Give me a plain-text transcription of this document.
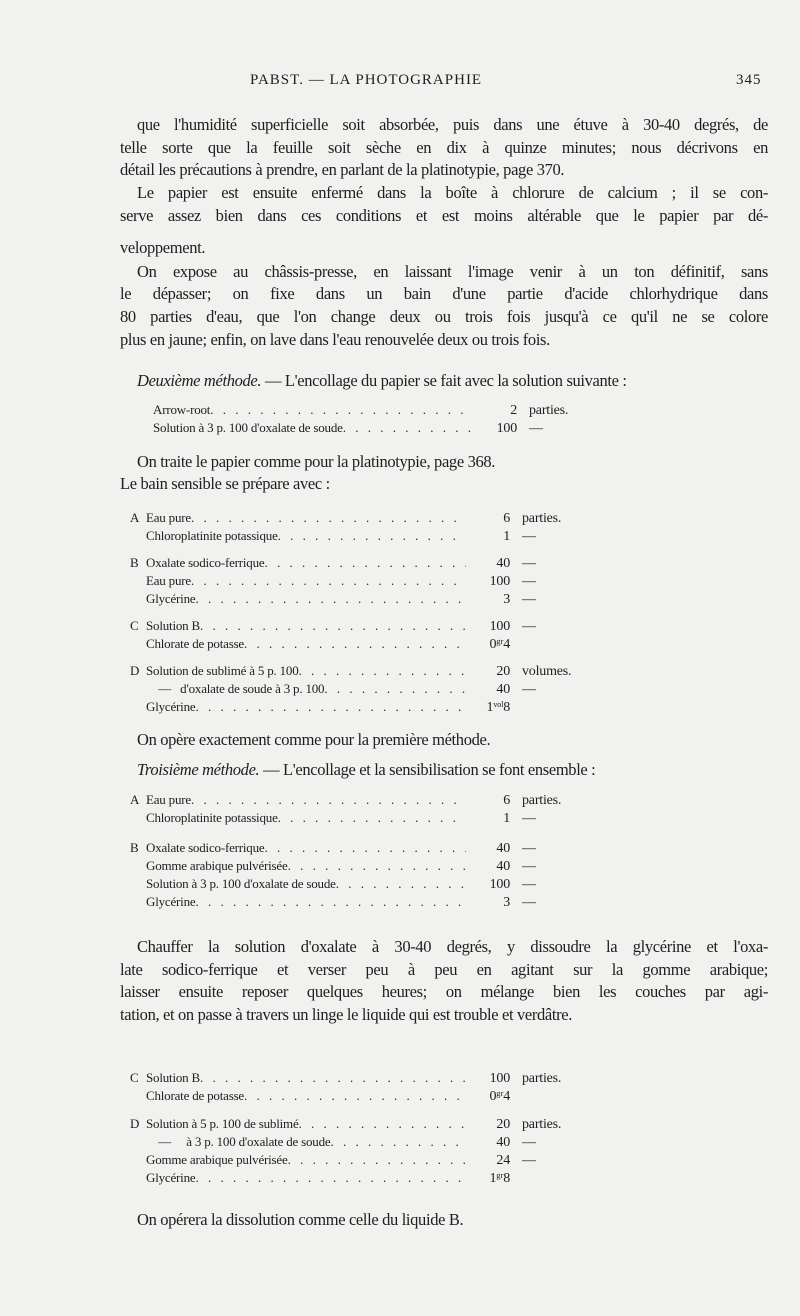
PABST. — LA PHOTOGRAPHIE	345
que l'humidité superficielle soit absorbée, puis dans une étuve à 30-40 degrés, de
telle sorte que la feuille soit sèche en dix à quinze minutes; nous décrivons en
détail les précautions à prendre, en parlant de la platinotypie, page 370.
Le papier est ensuite enfermé dans la boîte à chlorure de calcium ; il se con-
serve assez bien dans ces conditions et est moins altérable que le papier par dé-
veloppement.
On expose au châssis-presse, en laissant l'image venir à un ton définitif, sans
le dépasser; on fixe dans un bain d'une partie d'acide chlorhydrique dans
80 parties d'eau, que l'on change deux ou trois fois jusqu'à ce qu'il ne se colore
plus en jaune; enfin, on lave dans l'eau renouvelée deux ou trois fois.
Deuxième méthode. — L'encollage du papier se fait avec la solution suivante :
Arrow-root . . .	2 parties.
Solution à 3 p. 100 d'oxalate de soude . . .	100 —
On traite le papier comme pour la platinotypie, page 368.
Le bain sensible se prépare avec :
A Eau pure . . .	6 parties.
Chloroplatinite potassique . . .	1 —
B Oxalate sodico-ferrique . . .	40 —
Eau pure . . .	100 —
Glycérine . . .	3 —
C Solution B . . .	100 —
Chlorate de potasse . . .	0ᵍʳ4
D Solution de sublimé à 5 p. 100 . . .	20 volumes.
—   d'oxalate de soude à 3 p. 100 . . .	40 —
Glycérine . . .	1ᵛᵒˡ8
On opère exactement comme pour la première méthode.
Troisième méthode. — L'encollage et la sensibilisation se font ensemble :
A Eau pure . . .	6 parties.
Chloroplatinite potassique . . .	1 —
B Oxalate sodico-ferrique . . .	40 —
Gomme arabique pulvérisée . . .	40 —
Solution à 3 p. 100 d'oxalate de soude . . .	100 —
Glycérine . . .	3 —
Chauffer la solution d'oxalate à 30-40 degrés, y dissoudre la glycérine et l'oxa-
late sodico-ferrique et verser peu à peu en agitant sur la gomme arabique;
laisser ensuite reposer quelques heures; on mélange bien les couches par agi-
tation, et on passe à travers un linge le liquide qui est trouble et verdâtre.
C Solution B . . .	100 parties.
Chlorate de potasse . . .	0ᵍʳ4
D Solution à 5 p. 100 de sublimé . . .	20 parties.
—     à 3 p. 100 d'oxalate de soude . . .	40 —
Gomme arabique pulvérisée . . .	24 —
Glycérine . . .	1ᵍʳ8
On opérera la dissolution comme celle du liquide B.
